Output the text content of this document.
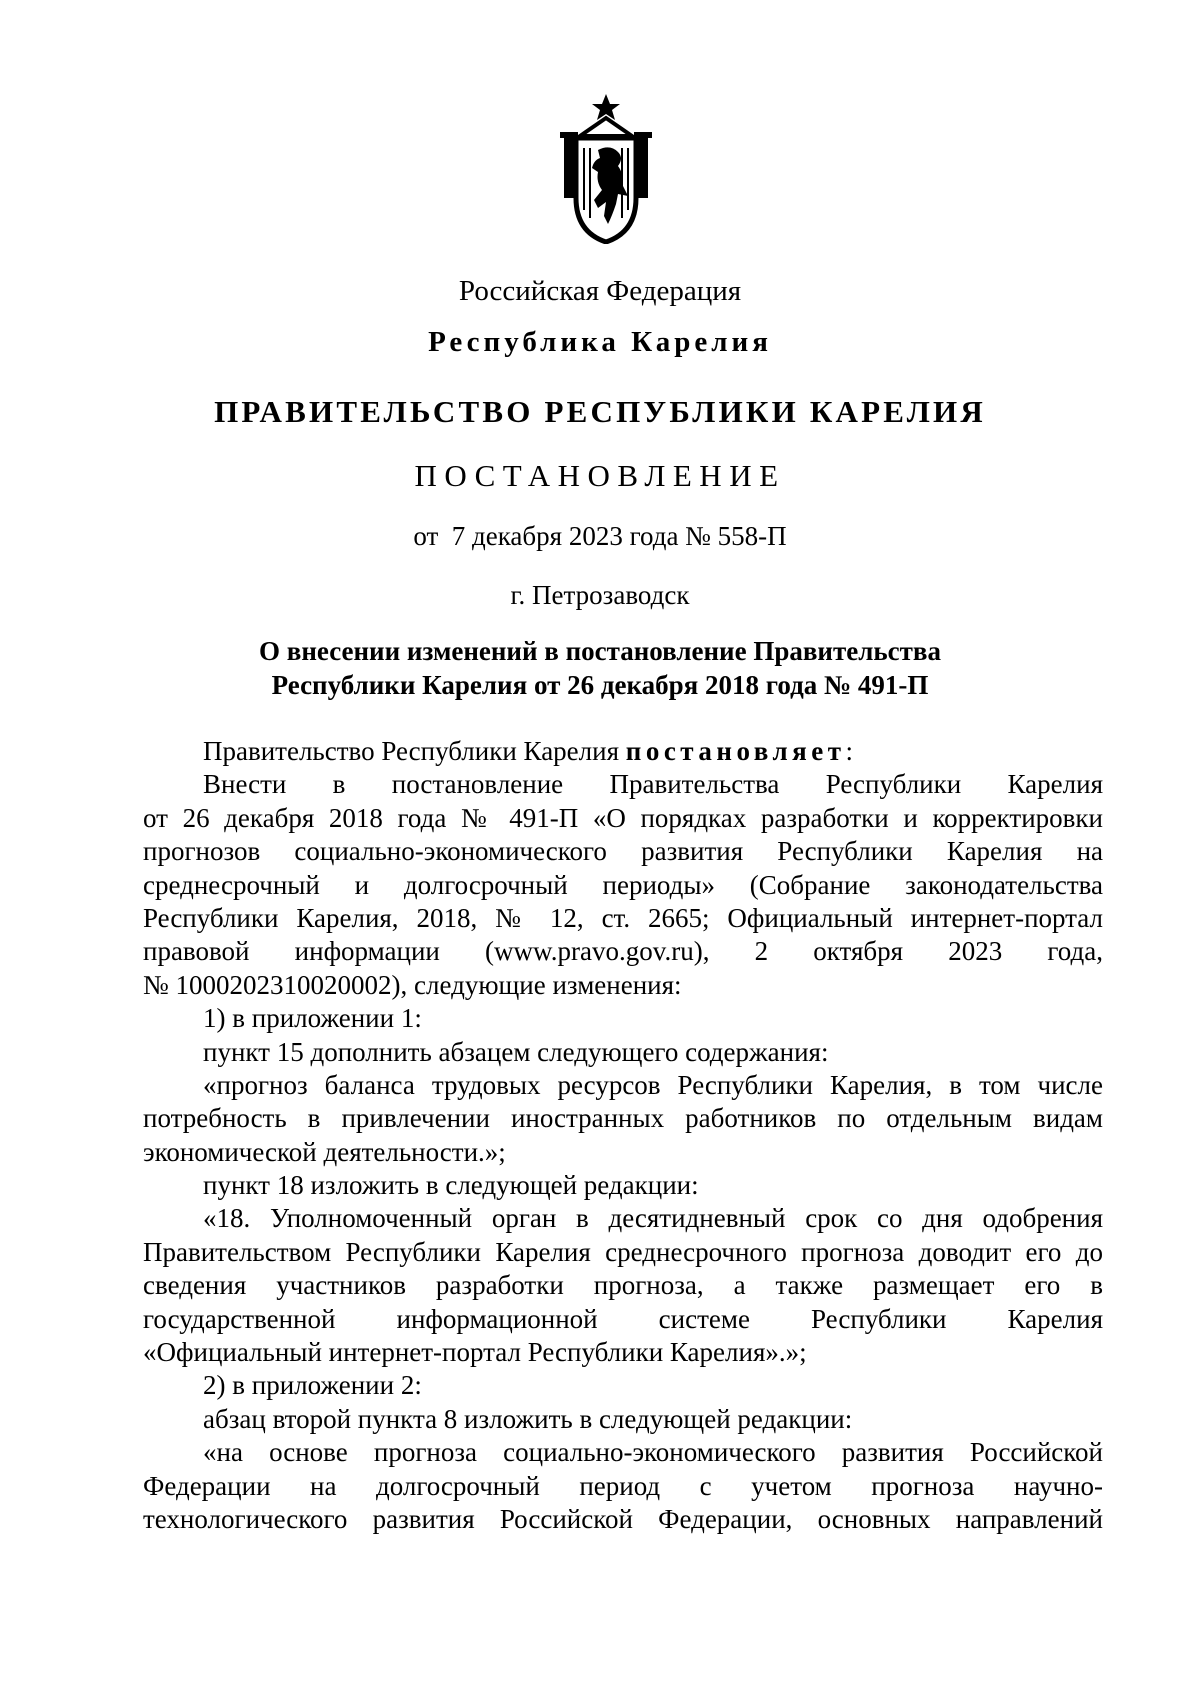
Российская Федерация
Республика Карелия
ПРАВИТЕЛЬСТВО РЕСПУБЛИКИ КАРЕЛИЯ
ПОСТАНОВЛЕНИЕ
от  7 декабря 2023 года № 558-П
г. Петрозаводск
О внесении изменений в постановление Правительства
Республики Карелия от 26 декабря 2018 года № 491-П
Правительство Республики Карелия постановляет:
Внести в постановление Правительства Республики Карелия
от 26 декабря 2018 года № 491-П «О порядках разработки и корректировки
прогнозов социально-экономического развития Республики Карелия на
среднесрочный и долгосрочный периоды» (Собрание законодательства
Республики Карелия, 2018, № 12, ст. 2665; Официальный интернет-портал
правовой информации (www.pravo.gov.ru), 2 октября 2023 года,
№ 1000202310020002), следующие изменения:
1) в приложении 1:
пункт 15 дополнить абзацем следующего содержания:
«прогноз баланса трудовых ресурсов Республики Карелия, в том числе
потребность в привлечении иностранных работников по отдельным видам
экономической деятельности.»;
пункт 18 изложить в следующей редакции:
«18. Уполномоченный орган в десятидневный срок со дня одобрения
Правительством Республики Карелия среднесрочного прогноза доводит его до
сведения участников разработки прогноза, а также размещает его в
государственной информационной системе Республики Карелия
«Официальный интернет-портал Республики Карелия».»;
2) в приложении 2:
абзац второй пункта 8 изложить в следующей редакции:
«на основе прогноза социально-экономического развития Российской
Федерации на долгосрочный период с учетом прогноза научно-
технологического развития Российской Федерации, основных направлений
